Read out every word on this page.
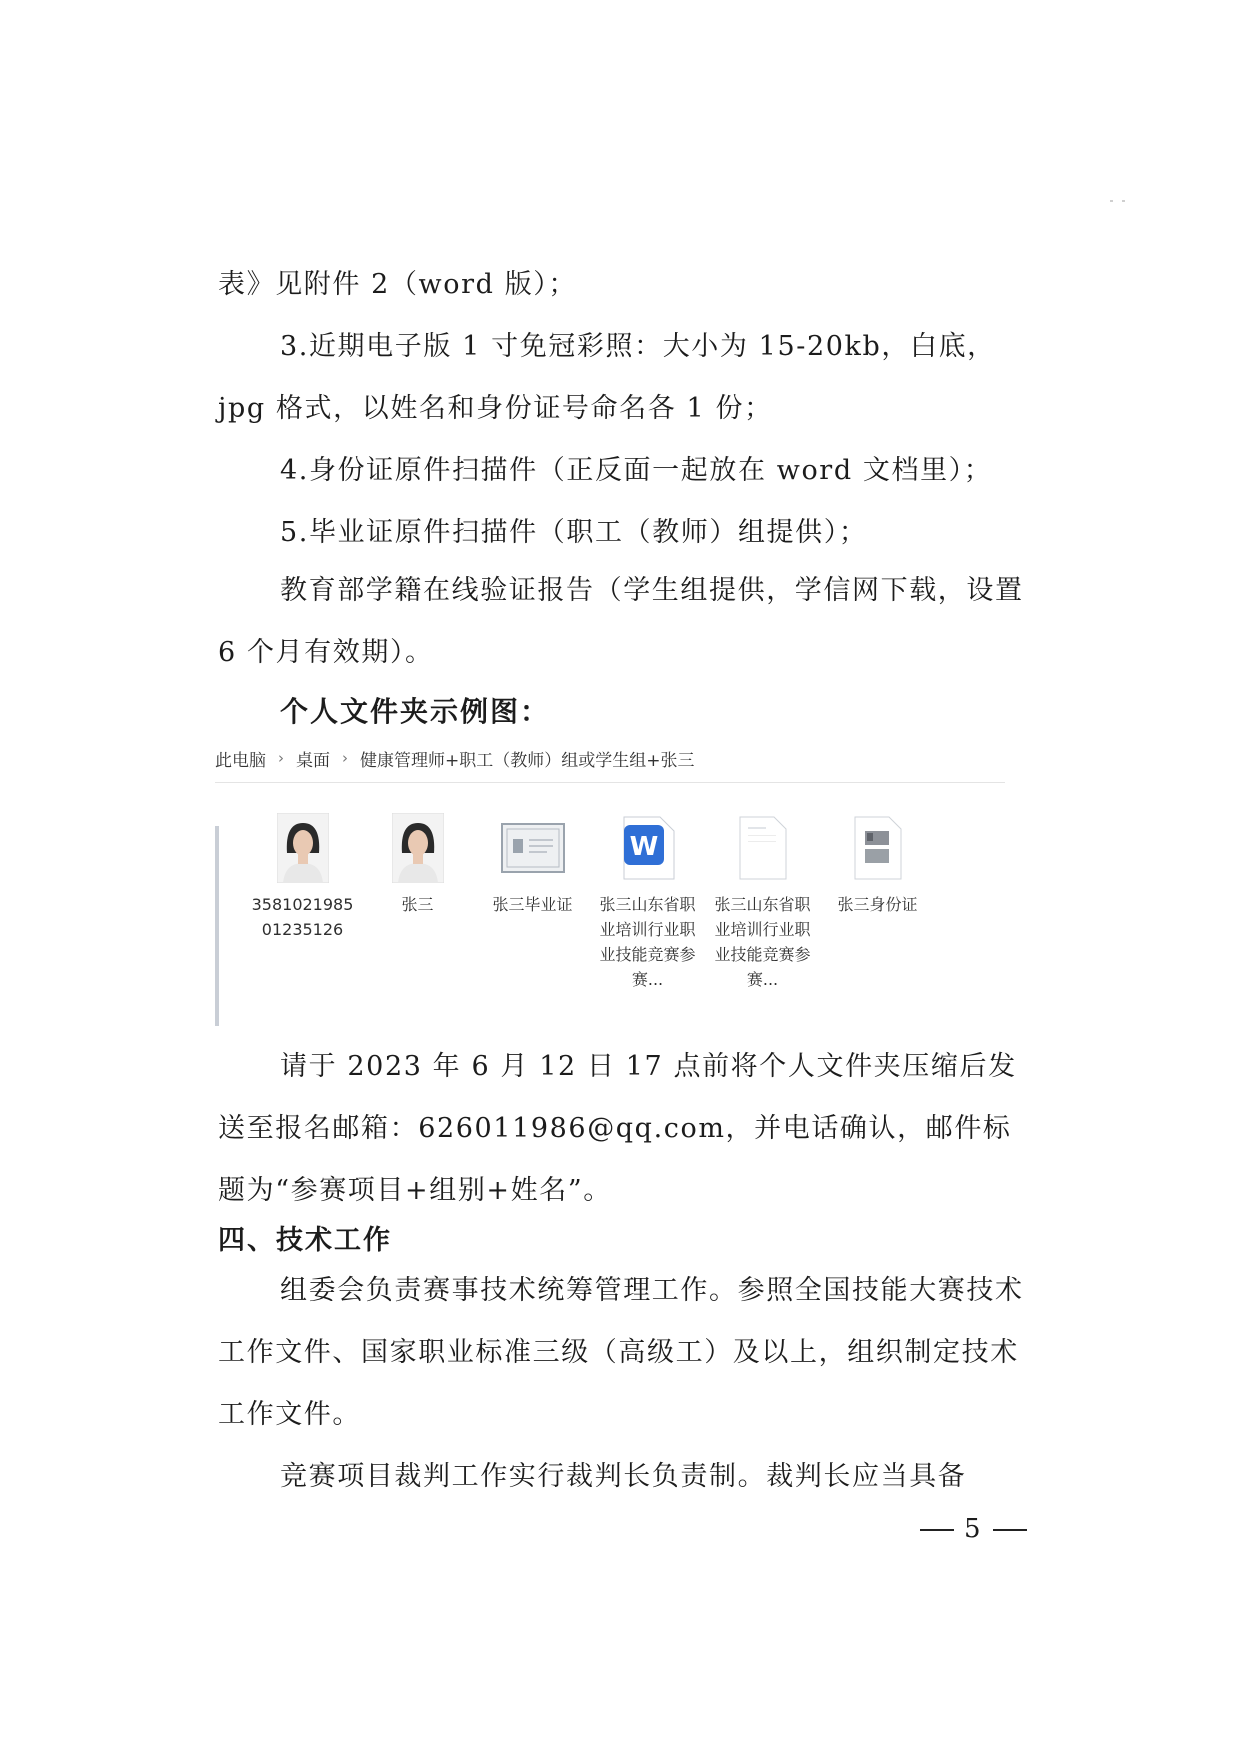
表》见附件 2（word 版）；
3.近期电子版 1 寸免冠彩照：大小为 15-20kb，白底，
jpg 格式，以姓名和身份证号命名各 1 份；
4.身份证原件扫描件（正反面一起放在 word 文档里）；
5.毕业证原件扫描件（职工（教师）组提供）；

教育部学籍在线验证报告（学生组提供，学信网下载，设置 6 个月有效期）。

个人文件夹示例图：

此电脑 › 桌面 › 健康管理师+职工（教师）组或学生组+张三
358102198501235126
张三	张三毕业证
W
张三山东省职业培训行业职业技能竞赛参赛...
张三山东省职业培训行业职业技能竞赛参赛...
张三身份证

请于 2023 年 6 月 12 日 17 点前将个人文件夹压缩后发送至报名邮箱：626011986@qq.com，并电话确认，邮件标题为“参赛项目+组别+姓名”。

四、技术工作

组委会负责赛事技术统筹管理工作。参照全国技能大赛技术工作文件、国家职业标准三级（高级工）及以上，组织制定技术工作文件。

竞赛项目裁判工作实行裁判长负责制。裁判长应当具备

5
